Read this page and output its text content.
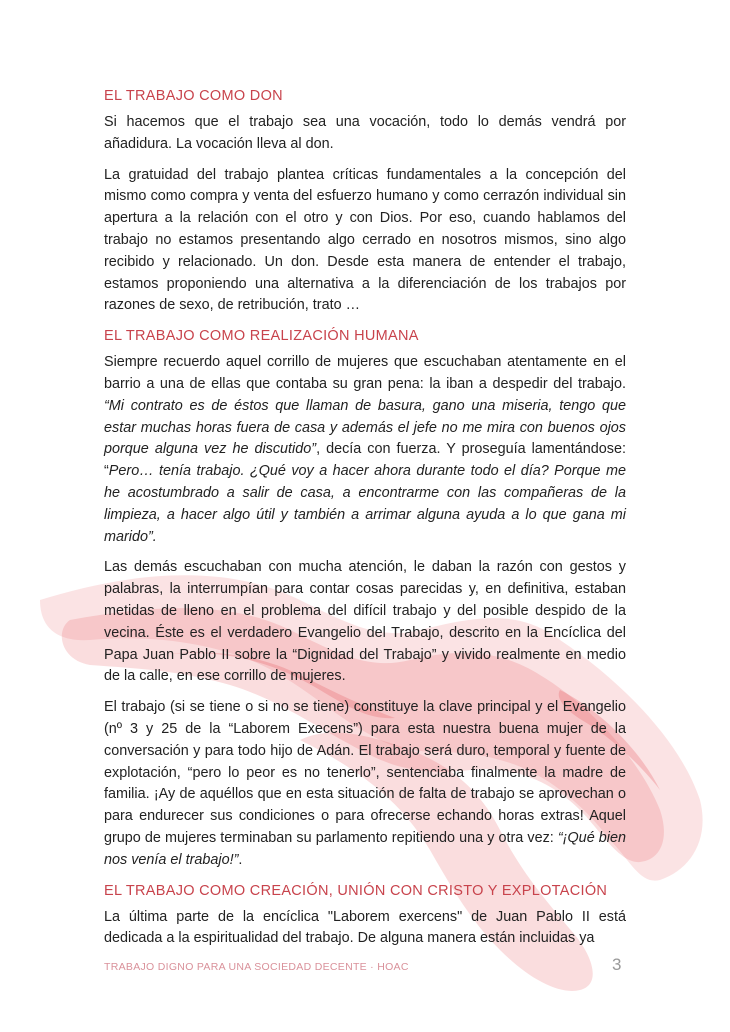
EL TRABAJO COMO DON

Si hacemos que el trabajo sea una vocación, todo lo demás vendrá por añadidura. La vocación lleva al don.

La gratuidad del trabajo plantea críticas fundamentales a la concepción del mismo como compra y venta del esfuerzo humano y como cerrazón individual sin apertura a la relación con el otro y con Dios. Por eso, cuando hablamos del trabajo no estamos presentando algo cerrado en nosotros mismos, sino algo recibido y relacionado. Un don. Desde esta manera de entender el trabajo, estamos proponiendo una alternativa a la diferenciación de los trabajos por razones de sexo, de retribución, trato …

EL TRABAJO COMO REALIZACIÓN HUMANA

Siempre recuerdo aquel corrillo de mujeres que escuchaban atentamente en el barrio a una de ellas que contaba su gran pena: la iban a despedir del trabajo. “Mi contrato es de éstos que llaman de basura, gano una miseria, tengo que estar muchas horas fuera de casa y además el jefe no me mira con buenos ojos porque alguna vez he discutido”, decía con fuerza. Y proseguía lamentándose: “Pero… tenía trabajo. ¿Qué voy a hacer ahora durante todo el día? Porque me he acostumbrado a salir de casa, a encontrarme con las compañeras de la limpieza, a hacer algo útil y también a arrimar alguna ayuda a lo que gana mi marido”.

Las demás escuchaban con mucha atención, le daban la razón con gestos y palabras, la interrumpían para contar cosas parecidas y, en definitiva, estaban metidas de lleno en el problema del difícil trabajo y del posible despido de la vecina. Éste es el verdadero Evangelio del Trabajo, descrito en la Encíclica del Papa Juan Pablo II sobre la “Dignidad del Trabajo” y vivido realmente en medio de la calle, en ese corrillo de mujeres.

El trabajo (si se tiene o si no se tiene) constituye la clave principal y el Evangelio (nº 3 y 25 de la “Laborem Execens”) para esta nuestra buena mujer de la conversación y para todo hijo de Adán. El trabajo será duro, temporal y fuente de explotación, “pero lo peor es no tenerlo”, sentenciaba finalmente la madre de familia. ¡Ay de aquéllos que en esta situación de falta de trabajo se aprovechan o para endurecer sus condiciones o para ofrecerse echando horas extras! Aquel grupo de mujeres terminaban su parlamento repitiendo una y otra vez: “¡Qué bien nos venía el trabajo!”.

EL TRABAJO COMO CREACIÓN, UNIÓN CON CRISTO Y EXPLOTACIÓN

La última parte de la encíclica "Laborem exercens" de Juan Pablo II está dedicada a la espiritualidad del trabajo. De alguna manera están incluidas ya

TRABAJO DIGNO PARA UNA SOCIEDAD DECENTE · HOAC	3
